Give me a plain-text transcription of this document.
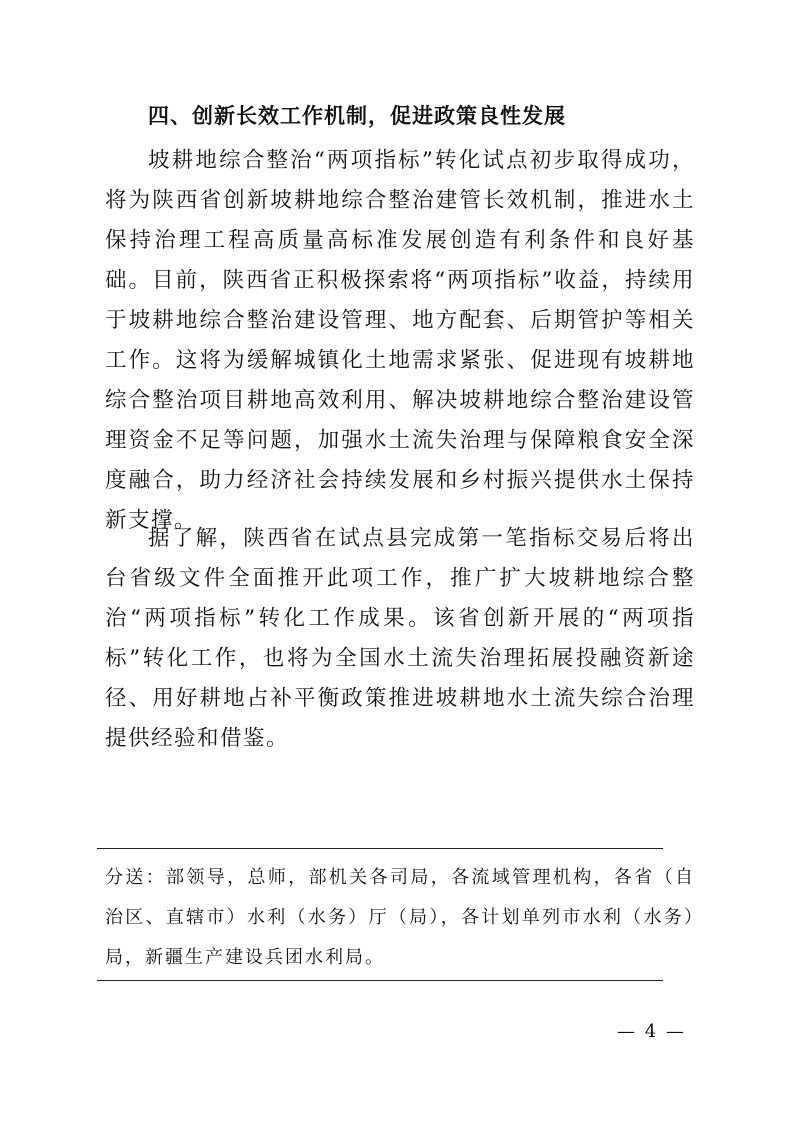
四、创新长效工作机制，促进政策良性发展

坡耕地综合整治“两项指标”转化试点初步取得成功，将为陕西省创新坡耕地综合整治建管长效机制，推进水土保持治理工程高质量高标准发展创造有利条件和良好基础。目前，陕西省正积极探索将“两项指标”收益，持续用于坡耕地综合整治建设管理、地方配套、后期管护等相关工作。这将为缓解城镇化土地需求紧张、促进现有坡耕地综合整治项目耕地高效利用、解决坡耕地综合整治建设管理资金不足等问题，加强水土流失治理与保障粮食安全深度融合，助力经济社会持续发展和乡村振兴提供水土保持新支撑。

据了解，陕西省在试点县完成第一笔指标交易后将出台省级文件全面推开此项工作，推广扩大坡耕地综合整治“两项指标”转化工作成果。该省创新开展的“两项指标”转化工作，也将为全国水土流失治理拓展投融资新途径、用好耕地占补平衡政策推进坡耕地水土流失综合治理提供经验和借鉴。

分送：部领导，总师，部机关各司局，各流域管理机构，各省（自治区、直辖市）水利（水务）厅（局），各计划单列市水利（水务）局，新疆生产建设兵团水利局。

— 4 —
